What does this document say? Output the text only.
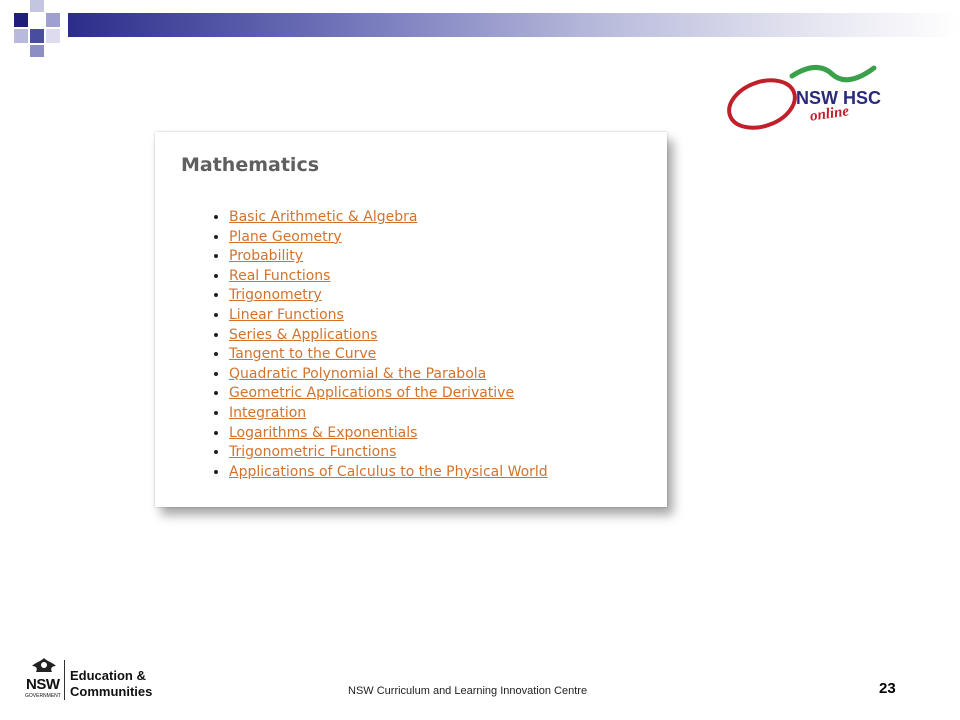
NSW HSC
online
Mathematics
• Basic Arithmetic & Algebra
• Plane Geometry
• Probability
• Real Functions
• Trigonometry
• Linear Functions
• Series & Applications
• Tangent to the Curve
• Quadratic Polynomial & the Parabola
• Geometric Applications of the Derivative
• Integration
• Logarithms & Exponentials
• Trigonometric Functions
• Applications of Calculus to the Physical World
NSW
GOVERNMENT
Education &
Communities	NSW Curriculum and Learning Innovation Centre	23
